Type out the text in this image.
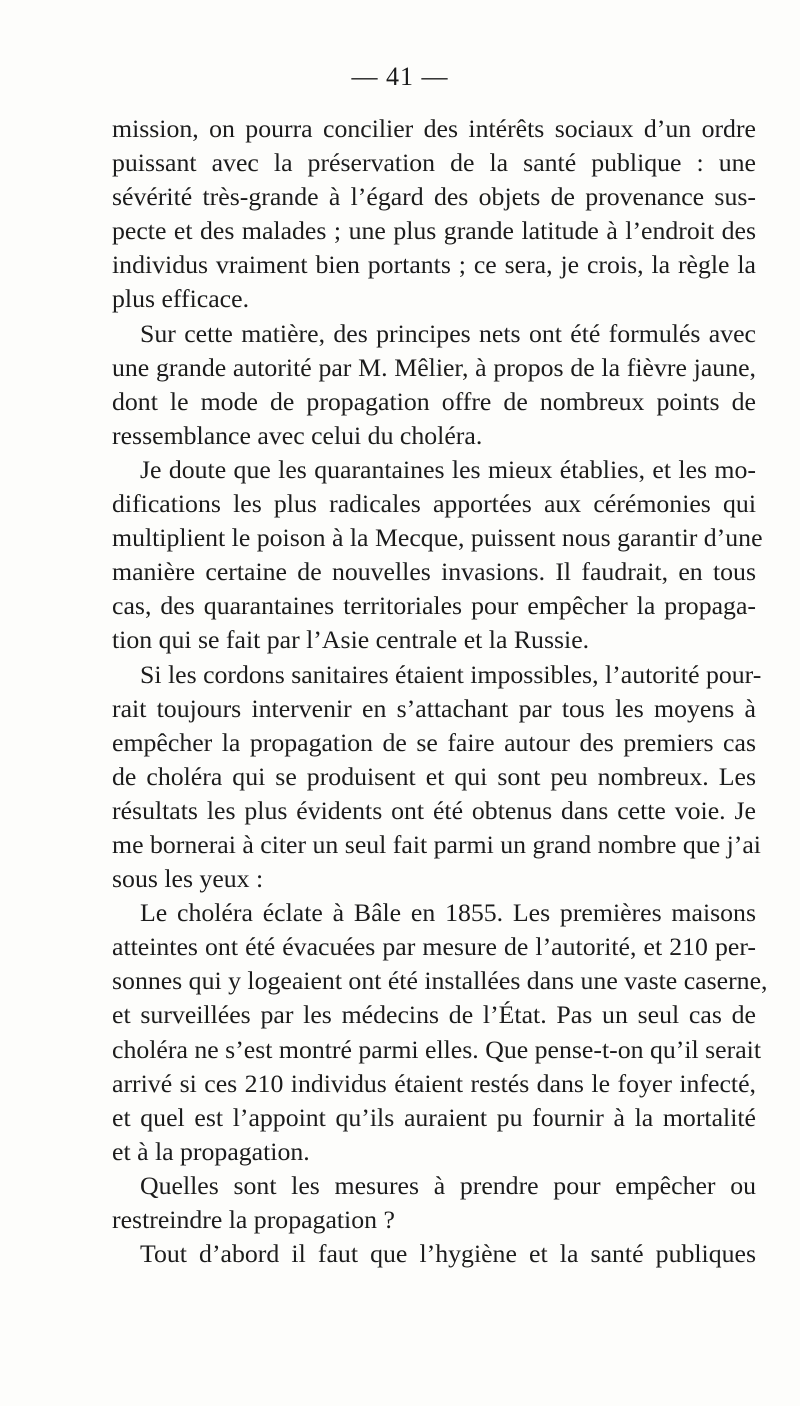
— 41 —
mission, on pourra concilier des intérêts sociaux d’un ordre
puissant avec la préservation de la santé publique : une
sévérité très-grande à l’égard des objets de provenance sus-
pecte et des malades ; une plus grande latitude à l’endroit des
individus vraiment bien portants ; ce sera, je crois, la règle la
plus efficace.
Sur cette matière, des principes nets ont été formulés avec
une grande autorité par M. Mêlier, à propos de la fièvre jaune,
dont le mode de propagation offre de nombreux points de
ressemblance avec celui du choléra.
Je doute que les quarantaines les mieux établies, et les mo-
difications les plus radicales apportées aux cérémonies qui
multiplient le poison à la Mecque, puissent nous garantir d’une
manière certaine de nouvelles invasions. Il faudrait, en tous
cas, des quarantaines territoriales pour empêcher la propaga-
tion qui se fait par l’Asie centrale et la Russie.
Si les cordons sanitaires étaient impossibles, l’autorité pour-
rait toujours intervenir en s’attachant par tous les moyens à
empêcher la propagation de se faire autour des premiers cas
de choléra qui se produisent et qui sont peu nombreux. Les
résultats les plus évidents ont été obtenus dans cette voie. Je
me bornerai à citer un seul fait parmi un grand nombre que j’ai
sous les yeux :
Le choléra éclate à Bâle en 1855. Les premières maisons
atteintes ont été évacuées par mesure de l’autorité, et 210 per-
sonnes qui y logeaient ont été installées dans une vaste caserne,
et surveillées par les médecins de l’État. Pas un seul cas de
choléra ne s’est montré parmi elles. Que pense-t-on qu’il serait
arrivé si ces 210 individus étaient restés dans le foyer infecté,
et quel est l’appoint qu’ils auraient pu fournir à la mortalité
et à la propagation.
Quelles sont les mesures à prendre pour empêcher ou
restreindre la propagation ?
Tout d’abord il faut que l’hygiène et la santé publiques
